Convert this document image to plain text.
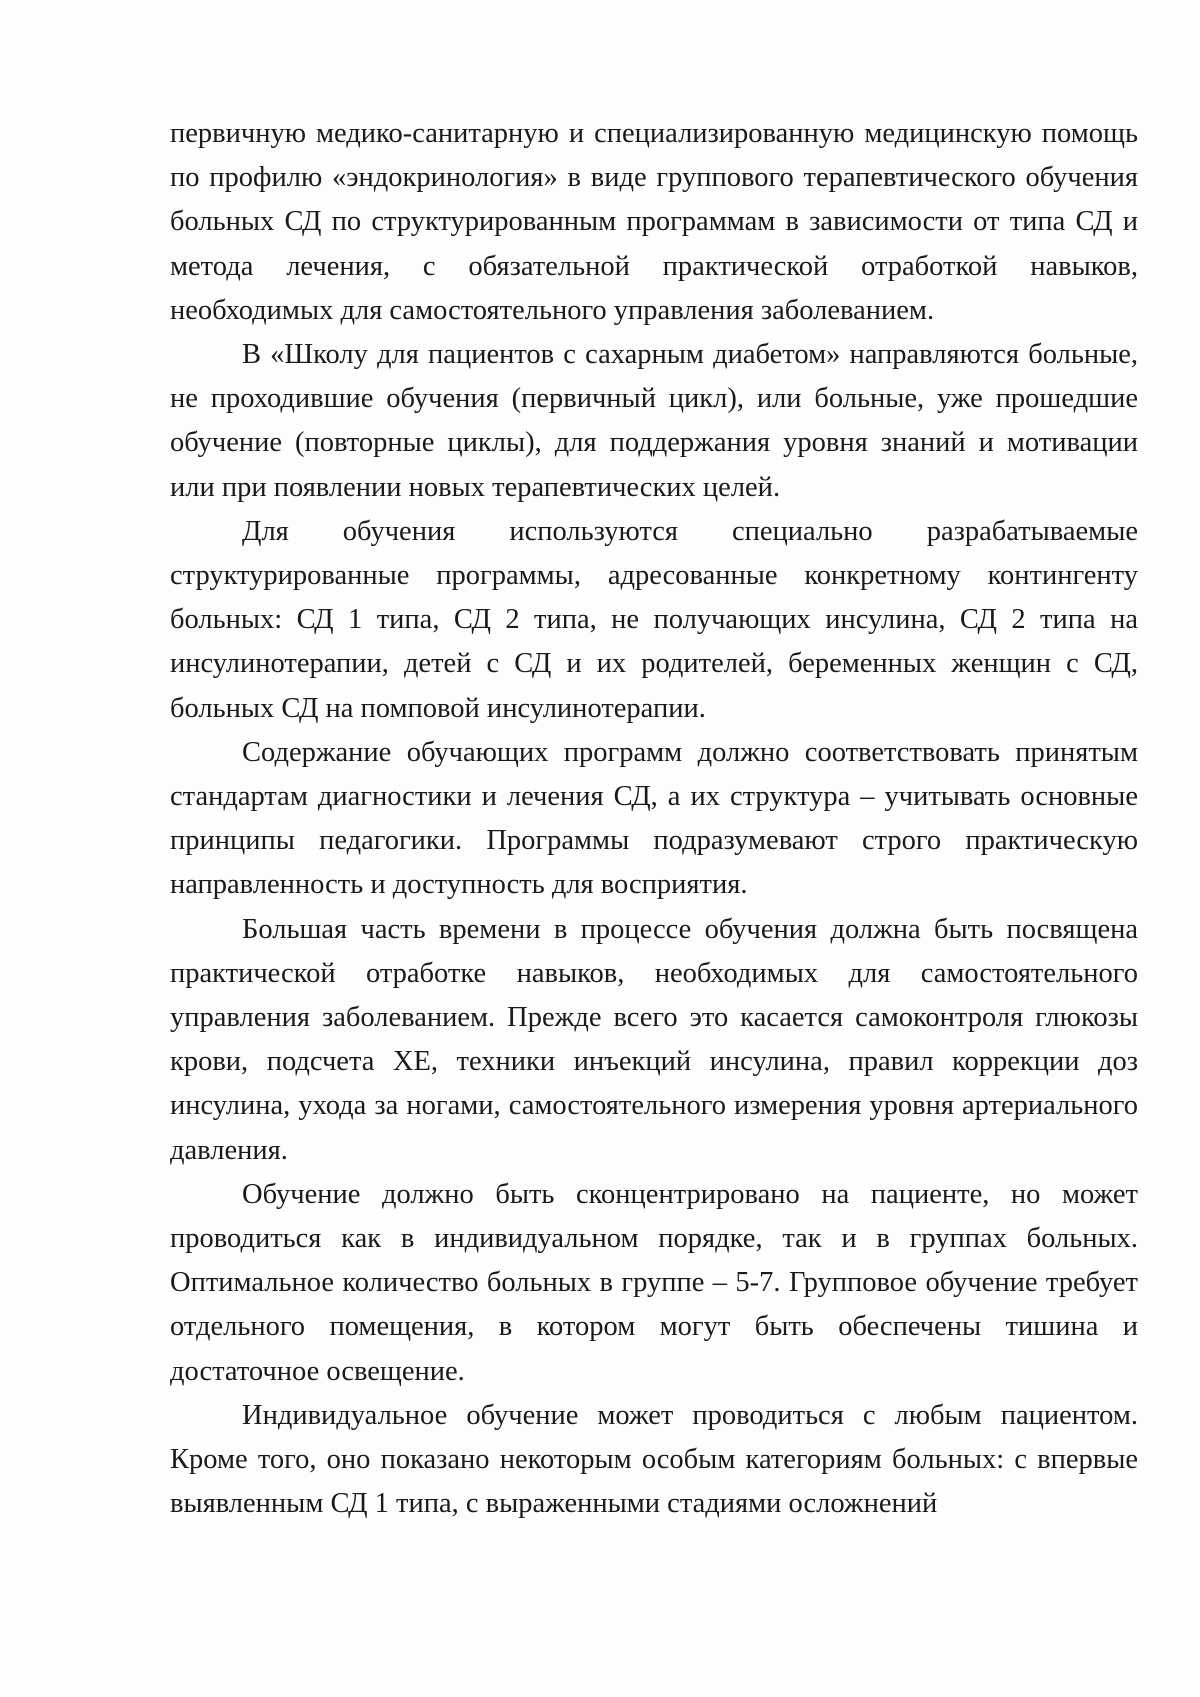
первичную медико-санитарную и специализированную медицинскую помощь по профилю «эндокринология» в виде группового терапевтического обучения больных СД по структурированным программам в зависимости от типа СД и метода лечения, с обязательной практической отработкой навыков, необходимых для самостоятельного управления заболеванием.

В «Школу для пациентов с сахарным диабетом» направляются больные, не проходившие обучения (первичный цикл), или больные, уже прошедшие обучение (повторные циклы), для поддержания уровня знаний и мотивации или при появлении новых терапевтических целей.

Для обучения используются специально разрабатываемые структурированные программы, адресованные конкретному контингенту больных: СД 1 типа, СД 2 типа, не получающих инсулина, СД 2 типа на инсулинотерапии, детей с СД и их родителей, беременных женщин с СД, больных СД на помповой инсулинотерапии.

Содержание обучающих программ должно соответствовать принятым стандартам диагностики и лечения СД, а их структура – учитывать основные принципы педагогики. Программы подразумевают строго практическую направленность и доступность для восприятия.

Большая часть времени в процессе обучения должна быть посвящена практической отработке навыков, необходимых для самостоятельного управления заболеванием. Прежде всего это касается самоконтроля глюкозы крови, подсчета ХЕ, техники инъекций инсулина, правил коррекции доз инсулина, ухода за ногами, самостоятельного измерения уровня артериального давления.

Обучение должно быть сконцентрировано на пациенте, но может проводиться как в индивидуальном порядке, так и в группах больных. Оптимальное количество больных в группе – 5-7. Групповое обучение требует отдельного помещения, в котором могут быть обеспечены тишина и достаточное освещение.

Индивидуальное обучение может проводиться с любым пациентом. Кроме того, оно показано некоторым особым категориям больных: с впервые выявленным СД 1 типа, с выраженными стадиями осложнений
